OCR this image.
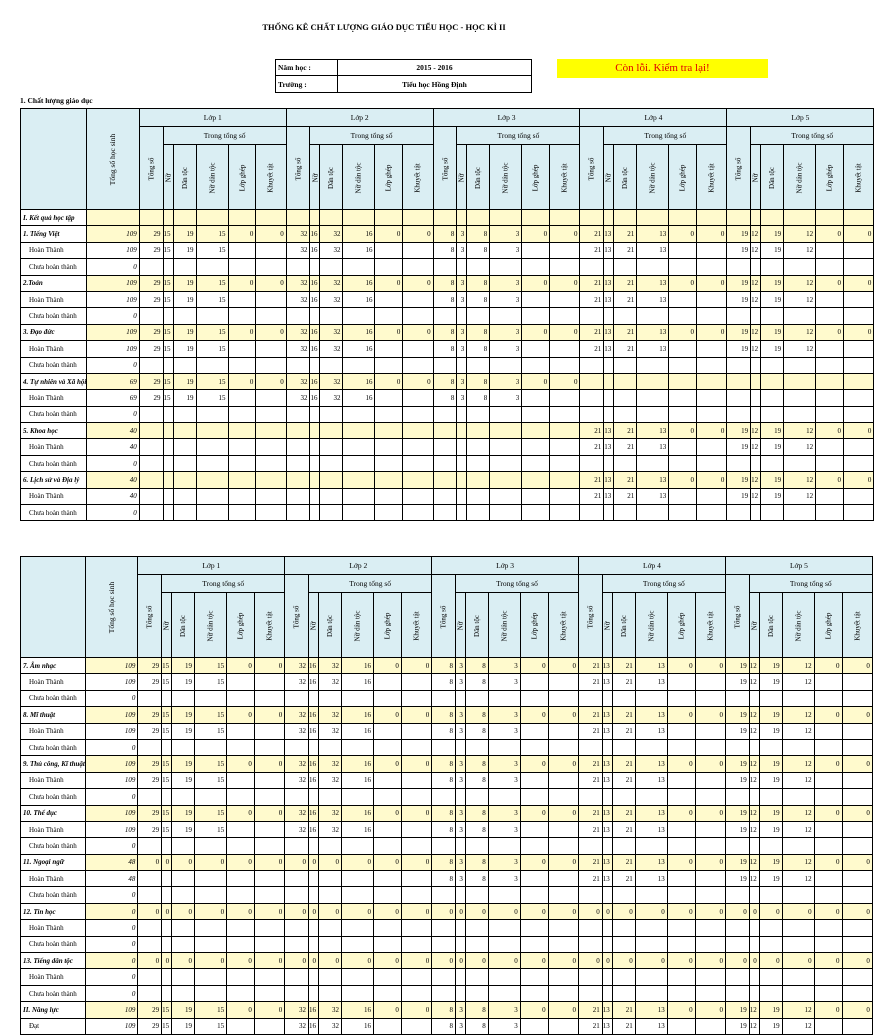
THỐNG KÊ CHẤT LƯỢNG GIÁO DỤC TIỂU HỌC - HỌC KÌ II
Năm học :	2015 - 2016
Trường :	Tiểu học Hồng Định
Còn lỗi. Kiểm tra lại!
1. Chất lượng giáo dục
	Tổng số học sinh	Lớp 1						Lớp 2						Lớp 3						Lớp 4						Lớp 5					
		Tổng số	Trong tổng số					Tổng số	Trong tổng số					Tổng số	Trong tổng số					Tổng số	Trong tổng số					Tổng số	Trong tổng số				
			Nữ	Dân tộc	Nữ dân tộc	Lớp ghép	Khuyết tật		Nữ	Dân tộc	Nữ dân tộc	Lớp ghép	Khuyết tật		Nữ	Dân tộc	Nữ dân tộc	Lớp ghép	Khuyết tật		Nữ	Dân tộc	Nữ dân tộc	Lớp ghép	Khuyết tật		Nữ	Dân tộc	Nữ dân tộc	Lớp ghép	Khuyết tật
I. Kết quả học tập																															
1. Tiếng Việt	109	29	15	19	15	0	0	32	16	32	16	0	0	8	3	8	3	0	0	21	13	21	13	0	0	19	12	19	12	0	0
Hoàn Thành	109	29	15	19	15			32	16	32	16			8	3	8	3			21	13	21	13			19	12	19	12		
Chưa hoàn thành	0																														
2.Toán	109	29	15	19	15	0	0	32	16	32	16	0	0	8	3	8	3	0	0	21	13	21	13	0	0	19	12	19	12	0	0
Hoàn Thành	109	29	15	19	15			32	16	32	16			8	3	8	3			21	13	21	13			19	12	19	12		
Chưa hoàn thành	0																														
3. Đạo đức	109	29	15	19	15	0	0	32	16	32	16	0	0	8	3	8	3	0	0	21	13	21	13	0	0	19	12	19	12	0	0
Hoàn Thành	109	29	15	19	15			32	16	32	16			8	3	8	3			21	13	21	13			19	12	19	12		
Chưa hoàn thành	0																														
4. Tự nhiên và Xã hội	69	29	15	19	15	0	0	32	16	32	16	0	0	8	3	8	3	0	0												
Hoàn Thành	69	29	15	19	15			32	16	32	16			8	3	8	3														
Chưa hoàn thành	0																														
5. Khoa học	40																			21	13	21	13	0	0	19	12	19	12	0	0
Hoàn Thành	40																			21	13	21	13			19	12	19	12		
Chưa hoàn thành	0																														
6. Lịch sử và Địa lý	40																			21	13	21	13	0	0	19	12	19	12	0	0
Hoàn Thành	40																			21	13	21	13			19	12	19	12		
Chưa hoàn thành	0																														
	Tổng số học sinh	Lớp 1						Lớp 2						Lớp 3						Lớp 4						Lớp 5					
		Tổng số	Trong tổng số					Tổng số	Trong tổng số					Tổng số	Trong tổng số					Tổng số	Trong tổng số					Tổng số	Trong tổng số				
			Nữ	Dân tộc	Nữ dân tộc	Lớp ghép	Khuyết tật		Nữ	Dân tộc	Nữ dân tộc	Lớp ghép	Khuyết tật		Nữ	Dân tộc	Nữ dân tộc	Lớp ghép	Khuyết tật		Nữ	Dân tộc	Nữ dân tộc	Lớp ghép	Khuyết tật		Nữ	Dân tộc	Nữ dân tộc	Lớp ghép	Khuyết tật
7. Âm nhạc	109	29	15	19	15	0	0	32	16	32	16	0	0	8	3	8	3	0	0	21	13	21	13	0	0	19	12	19	12	0	0
Hoàn Thành	109	29	15	19	15			32	16	32	16			8	3	8	3			21	13	21	13			19	12	19	12		
Chưa hoàn thành	0																														
8. Mĩ thuật	109	29	15	19	15	0	0	32	16	32	16	0	0	8	3	8	3	0	0	21	13	21	13	0	0	19	12	19	12	0	0
Hoàn Thành	109	29	15	19	15			32	16	32	16			8	3	8	3			21	13	21	13			19	12	19	12		
Chưa hoàn thành	0																														
9. Thủ công, Kĩ thuật	109	29	15	19	15	0	0	32	16	32	16	0	0	8	3	8	3	0	0	21	13	21	13	0	0	19	12	19	12	0	0
Hoàn Thành	109	29	15	19	15			32	16	32	16			8	3	8	3			21	13	21	13			19	12	19	12		
Chưa hoàn thành	0																														
10. Thể dục	109	29	15	19	15	0	0	32	16	32	16	0	0	8	3	8	3	0	0	21	13	21	13	0	0	19	12	19	12	0	0
Hoàn Thành	109	29	15	19	15			32	16	32	16			8	3	8	3			21	13	21	13			19	12	19	12		
Chưa hoàn thành	0																														
11. Ngoại ngữ	48	0	0	0	0	0	0	0	0	0	0	0	0	8	3	8	3	0	0	21	13	21	13	0	0	19	12	19	12	0	0
Hoàn Thành	48													8	3	8	3			21	13	21	13			19	12	19	12		
Chưa hoàn thành	0																														
12. Tin học	0	0	0	0	0	0	0	0	0	0	0	0	0	0	0	0	0	0	0	0	0	0	0	0	0	0	0	0	0	0	0
Hoàn Thành	0																														
Chưa hoàn thành	0																														
13. Tiếng dân tộc	0	0	0	0	0	0	0	0	0	0	0	0	0	0	0	0	0	0	0	0	0	0	0	0	0	0	0	0	0	0	0
Hoàn Thành	0																														
Chưa hoàn thành	0																														
II. Năng lực	109	29	15	19	15	0	0	32	16	32	16	0	0	8	3	8	3	0	0	21	13	21	13	0	0	19	12	19	12	0	0
Đạt	109	29	15	19	15			32	16	32	16			8	3	8	3			21	13	21	13			19	12	19	12		
